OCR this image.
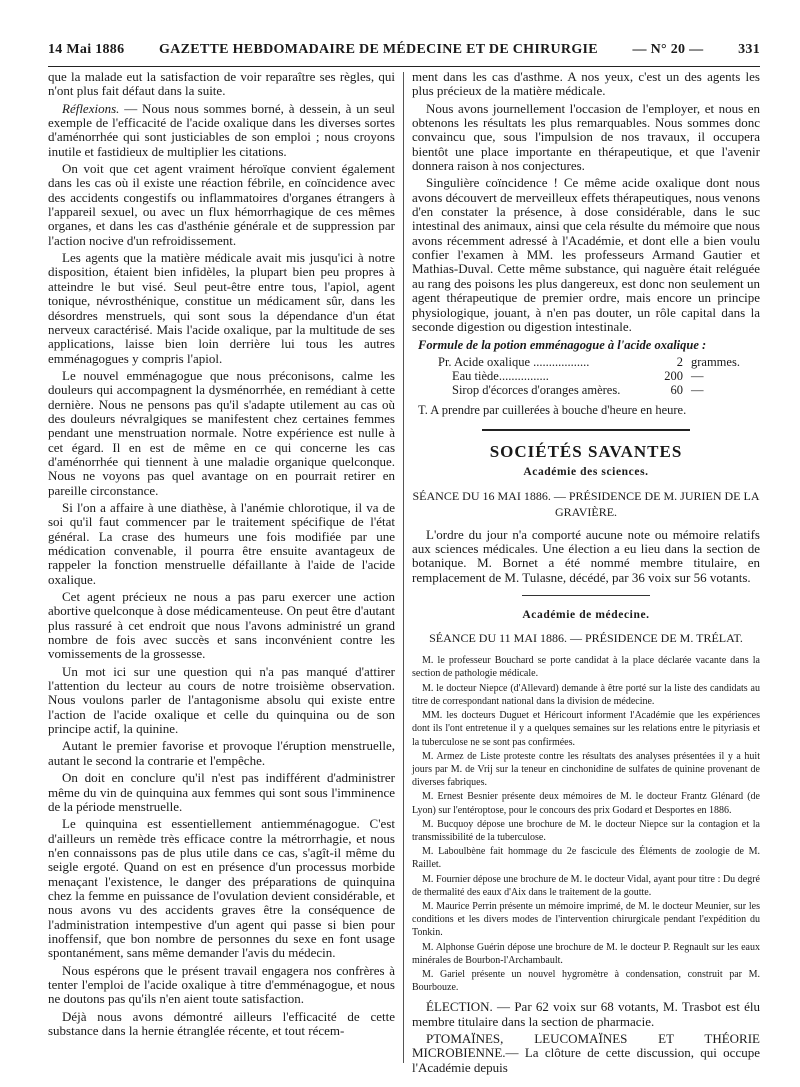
14 Mai 1886 GAZETTE HEBDOMADAIRE DE MÉDECINE ET DE CHIRURGIE — N° 20 — 331

que la malade eut la satisfaction de voir reparaître ses règles, qui n'ont plus fait défaut dans la suite.

Réflexions. — Nous nous sommes borné, à dessein, à un seul exemple de l'efficacité de l'acide oxalique dans les diverses sortes d'aménorrhée qui sont justiciables de son emploi ; nous croyons inutile et fastidieux de multiplier les citations.

On voit que cet agent vraiment héroïque convient également dans les cas où il existe une réaction fébrile, en coïncidence avec des accidents congestifs ou inflammatoires d'organes étrangers à l'appareil sexuel, ou avec un flux hémorrhagique de ces mêmes organes, et dans les cas d'asthénie générale et de suppression par l'action nocive d'un refroidissement.

Les agents que la matière médicale avait mis jusqu'ici à notre disposition, étaient bien infidèles, la plupart bien peu propres à atteindre le but visé. Seul peut-être entre tous, l'apiol, agent tonique, névrosthénique, constitue un médicament sûr, dans les désordres menstruels, qui sont sous la dépendance d'un état nerveux caractérisé. Mais l'acide oxalique, par la multitude de ses applications, laisse bien loin derrière lui tous les autres emménagogues y compris l'apiol.

Le nouvel emménagogue que nous préconisons, calme les douleurs qui accompagnent la dysménorrhée, en remédiant à cette dernière. Nous ne pensons pas qu'il s'adapte utilement au cas où des douleurs névralgiques se manifestent chez certaines femmes pendant une menstruation normale. Notre expérience est nulle à cet égard. Il en est de même en ce qui concerne les cas d'aménorrhée qui tiennent à une maladie organique quelconque. Nous ne voyons pas quel avantage on en pourrait retirer en pareille circonstance.

Si l'on a affaire à une diathèse, à l'anémie chlorotique, il va de soi qu'il faut commencer par le traitement spécifique de l'état général. La crase des humeurs une fois modifiée par une médication convenable, il pourra être ensuite avantageux de rappeler la fonction menstruelle défaillante à l'aide de l'acide oxalique.

Cet agent précieux ne nous a pas paru exercer une action abortive quelconque à dose médicamenteuse. On peut être d'autant plus rassuré à cet endroit que nous l'avons administré un grand nombre de fois avec succès et sans inconvénient contre les vomissements de la grossesse.

Un mot ici sur une question qui n'a pas manqué d'attirer l'attention du lecteur au cours de notre troisième observation. Nous voulons parler de l'antagonisme absolu qui existe entre l'action de l'acide oxalique et celle du quinquina ou de son principe actif, la quinine.

Autant le premier favorise et provoque l'éruption menstruelle, autant le second la contrarie et l'empêche.

On doit en conclure qu'il n'est pas indifférent d'administrer même du vin de quinquina aux femmes qui sont sous l'imminence de la période menstruelle.

Le quinquina est essentiellement antiemménagogue. C'est d'ailleurs un remède très efficace contre la métrorrhagie, et nous n'en connaissons pas de plus utile dans ce cas, s'agît-il même du seigle ergoté. Quand on est en présence d'un processus morbide menaçant l'existence, le danger des préparations de quinquina chez la femme en puissance de l'ovulation devient considérable, et nous avons vu des accidents graves être la conséquence de l'administration intempestive d'un agent qui passe si bien pour inoffensif, que bon nombre de personnes du sexe en font usage spontanément, sans même demander l'avis du médecin.

Nous espérons que le présent travail engagera nos confrères à tenter l'emploi de l'acide oxalique à titre d'emménagogue, et nous ne doutons pas qu'ils n'en aient toute satisfaction.

Déjà nous avons démontré ailleurs l'efficacité de cette substance dans la hernie étranglée récente, et tout récem-

ment dans les cas d'asthme. A nos yeux, c'est un des agents les plus précieux de la matière médicale.

Nous avons journellement l'occasion de l'employer, et nous en obtenons les résultats les plus remarquables. Nous sommes donc convaincu que, sous l'impulsion de nos travaux, il occupera bientôt une place importante en thérapeutique, et que l'avenir donnera raison à nos conjectures.

Singulière coïncidence ! Ce même acide oxalique dont nous avons découvert de merveilleux effets thérapeutiques, nous venons d'en constater la présence, à dose considérable, dans le suc intestinal des animaux, ainsi que cela résulte du mémoire que nous avons récemment adressé à l'Académie, et dont elle a bien voulu confier l'examen à MM. les professeurs Armand Gautier et Mathias-Duval. Cette même substance, qui naguère était reléguée au rang des poisons les plus dangereux, est donc non seulement un agent thérapeutique de premier ordre, mais encore un principe physiologique, jouant, à n'en pas douter, un rôle capital dans la seconde digestion ou digestion intestinale.

Formule de la potion emménagogue à l'acide oxalique :

Pr. Acide oxalique ..................	2 grammes.
Eau tiède................	200 —
Sirop d'écorces d'oranges amères.	60 —

T. A prendre par cuillerées à bouche d'heure en heure.

SOCIÉTÉS SAVANTES

Académie des sciences.

SÉANCE DU 16 MAI 1886. — PRÉSIDENCE DE M. JURIEN DE LA GRAVIÈRE.

L'ordre du jour n'a comporté aucune note ou mémoire relatifs aux sciences médicales. Une élection a eu lieu dans la section de botanique. M. Bornet a été nommé membre titulaire, en remplacement de M. Tulasne, décédé, par 36 voix sur 56 votants.

Académie de médecine.

SÉANCE DU 11 MAI 1886. — PRÉSIDENCE DE M. TRÉLAT.

M. le professeur Bouchard se porte candidat à la place déclarée vacante dans la section de pathologie médicale.

M. le docteur Niepce (d'Allevard) demande à être porté sur la liste des candidats au titre de correspondant national dans la division de médecine.

MM. les docteurs Duguet et Héricourt informent l'Académie que les expériences dont ils l'ont entretenue il y a quelques semaines sur les relations entre le pityriasis et la tuberculose ne se sont pas confirmées.

M. Armez de Liste proteste contre les résultats des analyses présentées il y a huit jours par M. de Vrij sur la teneur en cinchonidine de sulfates de quinine provenant de diverses fabriques.

M. Ernest Besnier présente deux mémoires de M. le docteur Frantz Glénard (de Lyon) sur l'entéroptose, pour le concours des prix Godard et Desportes en 1886.

M. Bucquoy dépose une brochure de M. le docteur Niepce sur la contagion et la transmissibilité de la tuberculose.

M. Laboulbène fait hommage du 2e fascicule des Éléments de zoologie de M. Raillet.

M. Fournier dépose une brochure de M. le docteur Vidal, ayant pour titre : Du degré de thermalité des eaux d'Aix dans le traitement de la goutte.

M. Maurice Perrin présente un mémoire imprimé, de M. le docteur Meunier, sur les conditions et les divers modes de l'intervention chirurgicale pendant l'expédition du Tonkin.

M. Alphonse Guérin dépose une brochure de M. le docteur P. Regnault sur les eaux minérales de Bourbon-l'Archambault.

M. Gariel présente un nouvel hygromètre à condensation, construit par M. Bourbouze.

ÉLECTION. — Par 62 voix sur 68 votants, M. Trasbot est élu membre titulaire dans la section de pharmacie.

PTOMAÏNES, LEUCOMAÏNES ET THÉORIE MICROBIENNE.— La clôture de cette discussion, qui occupe l'Académie depuis
